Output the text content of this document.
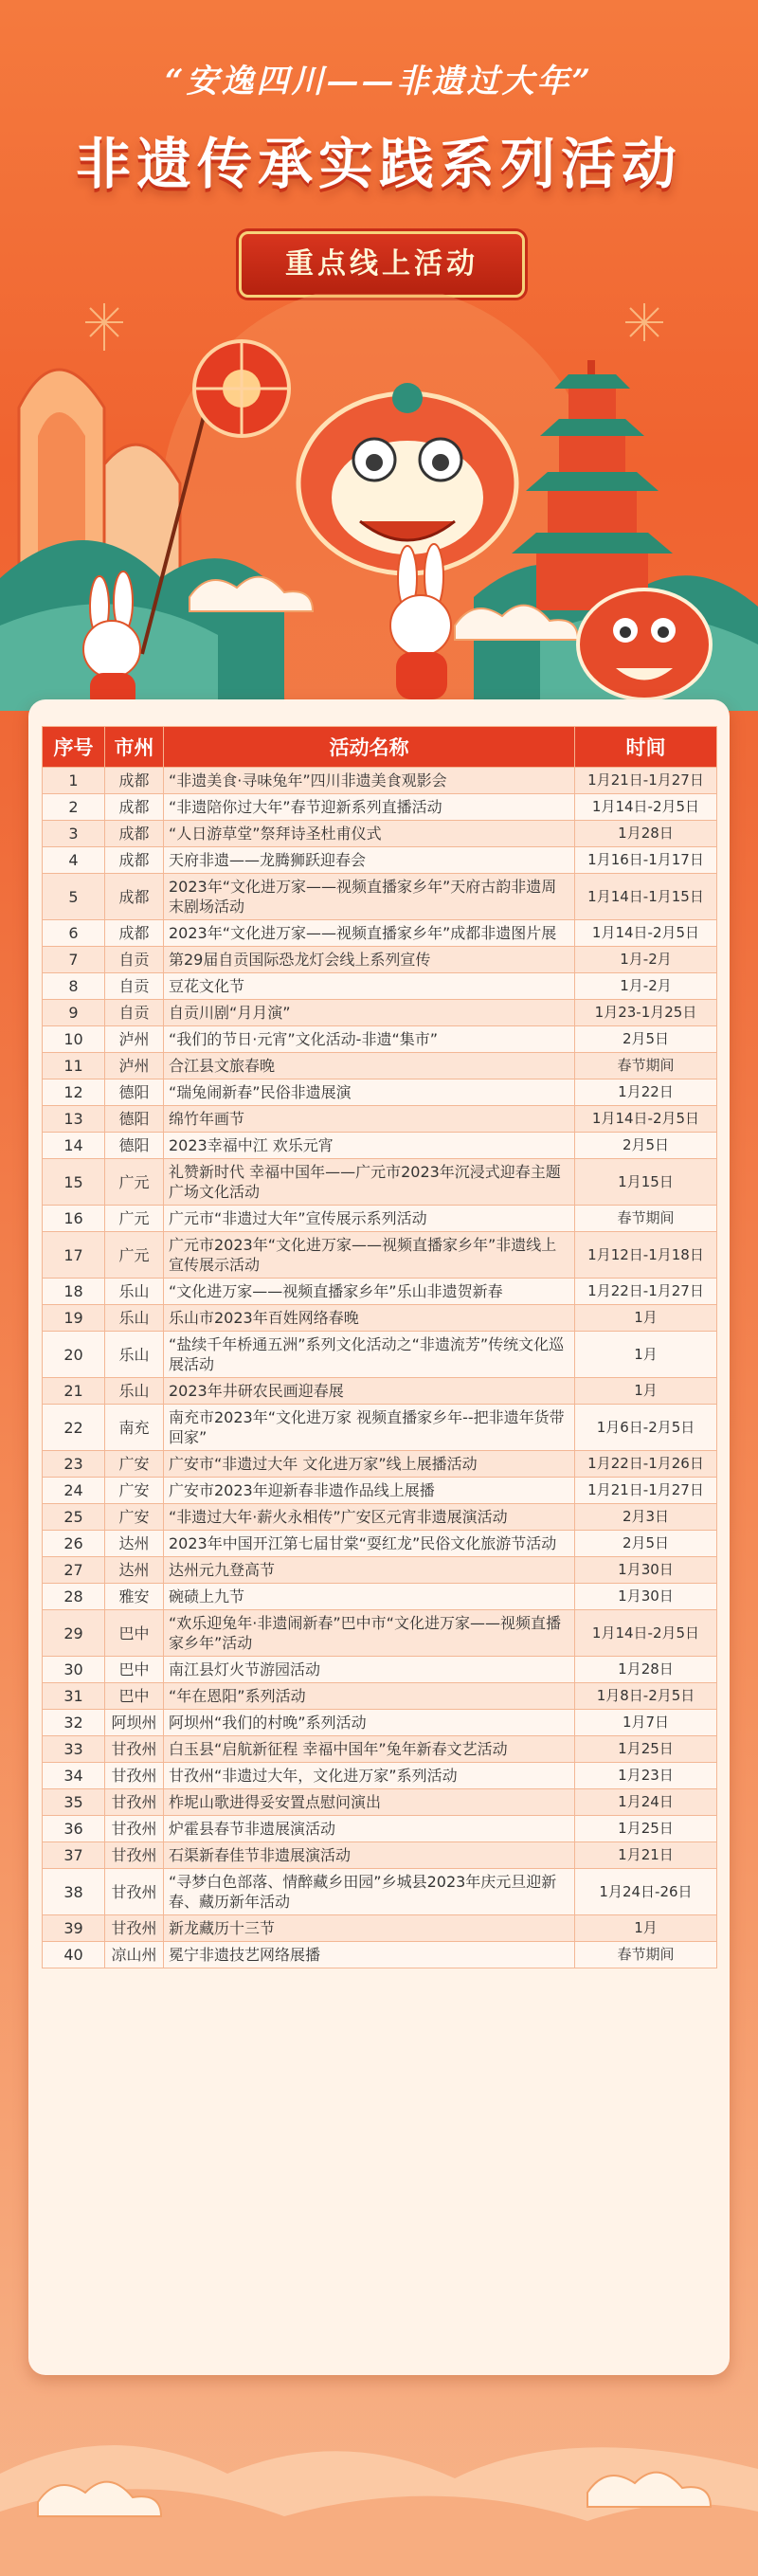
“安逸四川——非遗过大年”
非遗传承实践系列活动
重点线上活动
序号	市州	活动名称	时间
1	成都	“非遗美食·寻味兔年”四川非遗美食观影会	1月21日-1月27日
2	成都	“非遗陪你过大年”春节迎新系列直播活动	1月14日-2月5日
3	成都	“人日游草堂”祭拜诗圣杜甫仪式	1月28日
4	成都	天府非遗——龙腾狮跃迎春会	1月16日-1月17日
5	成都	2023年“文化进万家——视频直播家乡年”天府古韵非遗周末剧场活动	1月14日-1月15日
6	成都	2023年“文化进万家——视频直播家乡年”成都非遗图片展	1月14日-2月5日
7	自贡	第29届自贡国际恐龙灯会线上系列宣传	1月-2月
8	自贡	豆花文化节	1月-2月
9	自贡	自贡川剧“月月演”	1月23-1月25日
10	泸州	“我们的节日·元宵”文化活动-非遗“集市”	2月5日
11	泸州	合江县文旅春晚	春节期间
12	德阳	“瑞兔闹新春”民俗非遗展演	1月22日
13	德阳	绵竹年画节	1月14日-2月5日
14	德阳	2023幸福中江 欢乐元宵	2月5日
15	广元	礼赞新时代 幸福中国年——广元市2023年沉浸式迎春主题广场文化活动	1月15日
16	广元	广元市“非遗过大年”宣传展示系列活动	春节期间
17	广元	广元市2023年“文化进万家——视频直播家乡年”非遗线上宣传展示活动	1月12日-1月18日
18	乐山	“文化进万家——视频直播家乡年”乐山非遗贺新春	1月22日-1月27日
19	乐山	乐山市2023年百姓网络春晚	1月
20	乐山	“盐续千年桥通五洲”系列文化活动之“非遗流芳”传统文化巡展活动	1月
21	乐山	2023年井研农民画迎春展	1月
22	南充	南充市2023年“文化进万家 视频直播家乡年--把非遗年货带回家”	1月6日-2月5日
23	广安	广安市“非遗过大年 文化进万家”线上展播活动	1月22日-1月26日
24	广安	广安市2023年迎新春非遗作品线上展播	1月21日-1月27日
25	广安	“非遗过大年·薪火永相传”广安区元宵非遗展演活动	2月3日
26	达州	2023年中国开江第七届甘棠“耍红龙”民俗文化旅游节活动	2月5日
27	达州	达州元九登高节	1月30日
28	雅安	碗碛上九节	1月30日
29	巴中	“欢乐迎兔年·非遗闹新春”巴中市“文化进万家——视频直播家乡年”活动	1月14日-2月5日
30	巴中	南江县灯火节游园活动	1月28日
31	巴中	“年在恩阳”系列活动	1月8日-2月5日
32	阿坝州	阿坝州“我们的村晚”系列活动	1月7日
33	甘孜州	白玉县“启航新征程 幸福中国年”兔年新春文艺活动	1月25日
34	甘孜州	甘孜州“非遗过大年，文化进万家”系列活动	1月23日
35	甘孜州	柞坭山歌进得妥安置点慰问演出	1月24日
36	甘孜州	炉霍县春节非遗展演活动	1月25日
37	甘孜州	石渠新春佳节非遗展演活动	1月21日
38	甘孜州	“寻梦白色部落、情醉藏乡田园”乡城县2023年庆元旦迎新春、藏历新年活动	1月24日-26日
39	甘孜州	新龙藏历十三节	1月
40	凉山州	冕宁非遗技艺网络展播	春节期间
